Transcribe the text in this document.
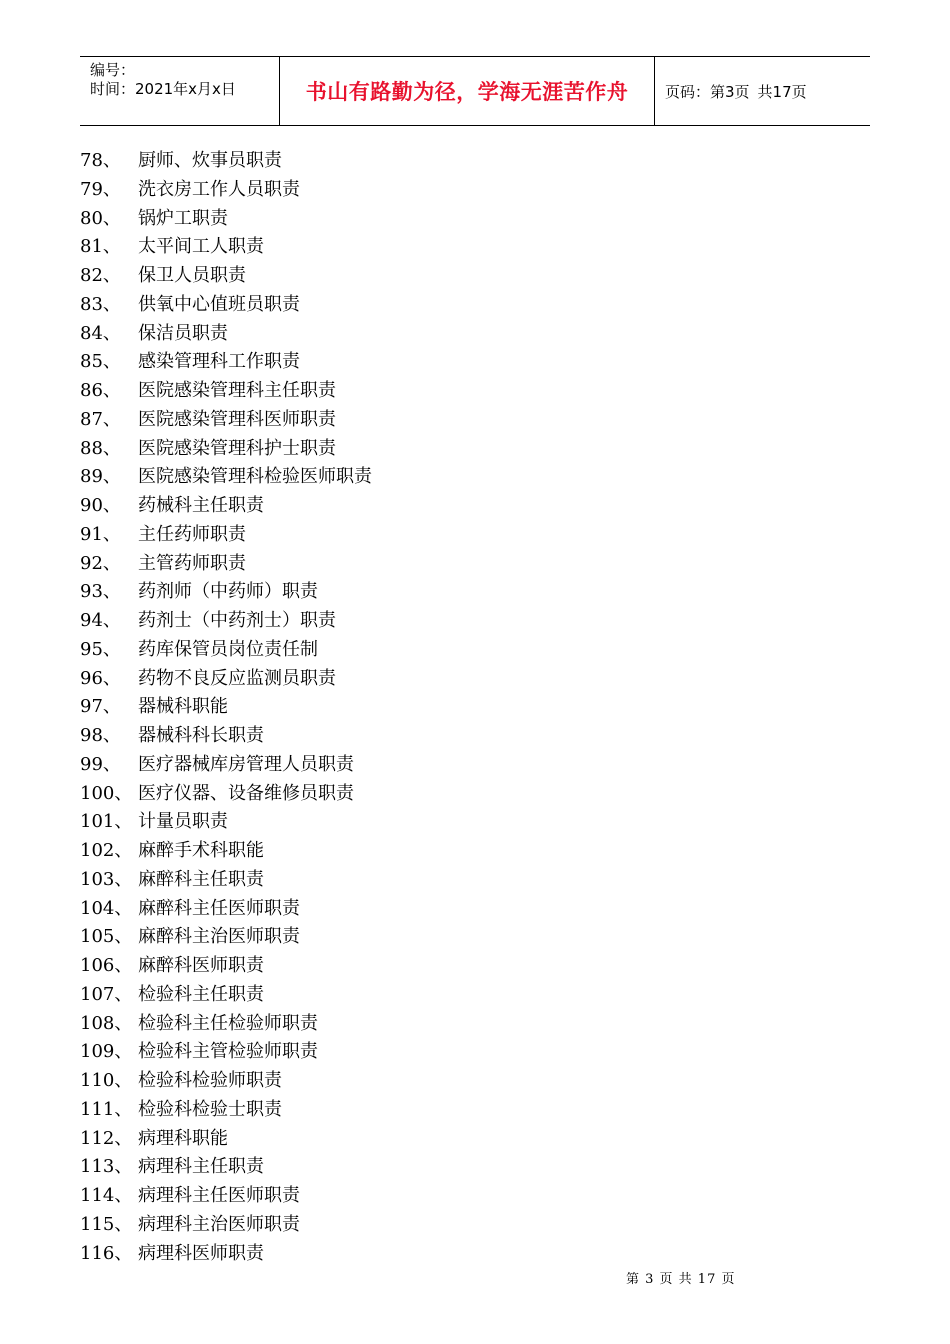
编号：
时间：2021年x月x日	书山有路勤为径，学海无涯苦作舟	页码：第3页 共17页
78、 厨师、炊事员职责
79、 洗衣房工作人员职责
80、 锅炉工职责
81、 太平间工人职责
82、 保卫人员职责
83、 供氧中心值班员职责
84、 保洁员职责
85、 感染管理科工作职责
86、 医院感染管理科主任职责
87、 医院感染管理科医师职责
88、 医院感染管理科护士职责
89、 医院感染管理科检验医师职责
90、 药械科主任职责
91、 主任药师职责
92、 主管药师职责
93、 药剂师（中药师）职责
94、 药剂士（中药剂士）职责
95、 药库保管员岗位责任制
96、 药物不良反应监测员职责
97、 器械科职能
98、 器械科科长职责
99、 医疗器械库房管理人员职责
100、 医疗仪器、设备维修员职责
101、 计量员职责
102、 麻醉手术科职能
103、 麻醉科主任职责
104、 麻醉科主任医师职责
105、 麻醉科主治医师职责
106、 麻醉科医师职责
107、 检验科主任职责
108、 检验科主任检验师职责
109、 检验科主管检验师职责
110、 检验科检验师职责
111、 检验科检验士职责
112、 病理科职能
113、 病理科主任职责
114、 病理科主任医师职责
115、 病理科主治医师职责
116、 病理科医师职责
第 3 页 共 17 页
